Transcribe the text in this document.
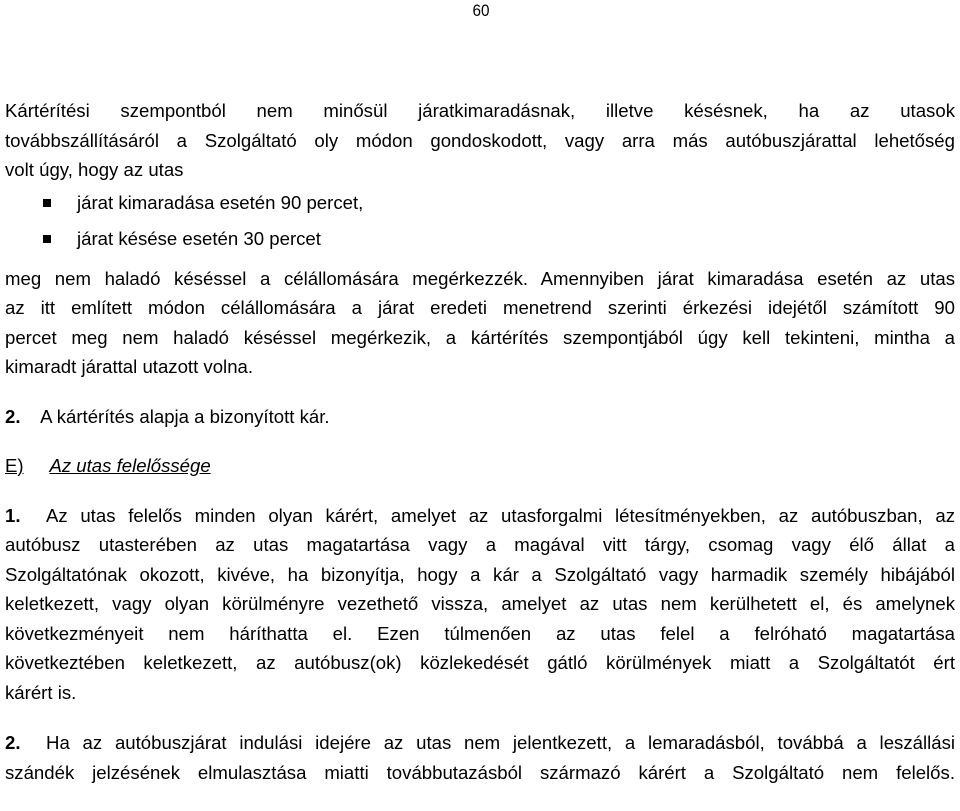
60
Kártérítési szempontból nem minősül járatkimaradásnak, illetve késésnek, ha az utasok
továbbszállításáról a Szolgáltató oly módon gondoskodott, vagy arra más autóbuszjárattal lehetőség
volt úgy, hogy az utas
járat kimaradása esetén 90 percet,
járat késése esetén 30 percet
meg nem haladó késéssel a célállomására megérkezzék. Amennyiben járat kimaradása esetén az utas
az itt említett módon célállomására a járat eredeti menetrend szerinti érkezési idejétől számított 90
percet meg nem haladó késéssel megérkezik, a kártérítés szempontjából úgy kell tekinteni, mintha a
kimaradt járattal utazott volna.
2. A kártérítés alapja a bizonyított kár.
E) Az utas felelőssége
1. Az utas felelős minden olyan kárért, amelyet az utasforgalmi létesítményekben, az autóbuszban, az
autóbusz utasterében az utas magatartása vagy a magával vitt tárgy, csomag vagy élő állat a
Szolgáltatónak okozott, kivéve, ha bizonyítja, hogy a kár a Szolgáltató vagy harmadik személy hibájából
keletkezett, vagy olyan körülményre vezethető vissza, amelyet az utas nem kerülhetett el, és amelynek
következményeit nem háríthatta el. Ezen túlmenően az utas felel a felróható magatartása
következtében keletkezett, az autóbusz(ok) közlekedését gátló körülmények miatt a Szolgáltatót ért
kárért is.
2. Ha az autóbuszjárat indulási idejére az utas nem jelentkezett, a lemaradásból, továbbá a leszállási
szándék jelzésének elmulasztása miatti továbbutazásból származó kárért a Szolgáltató nem felelős.
